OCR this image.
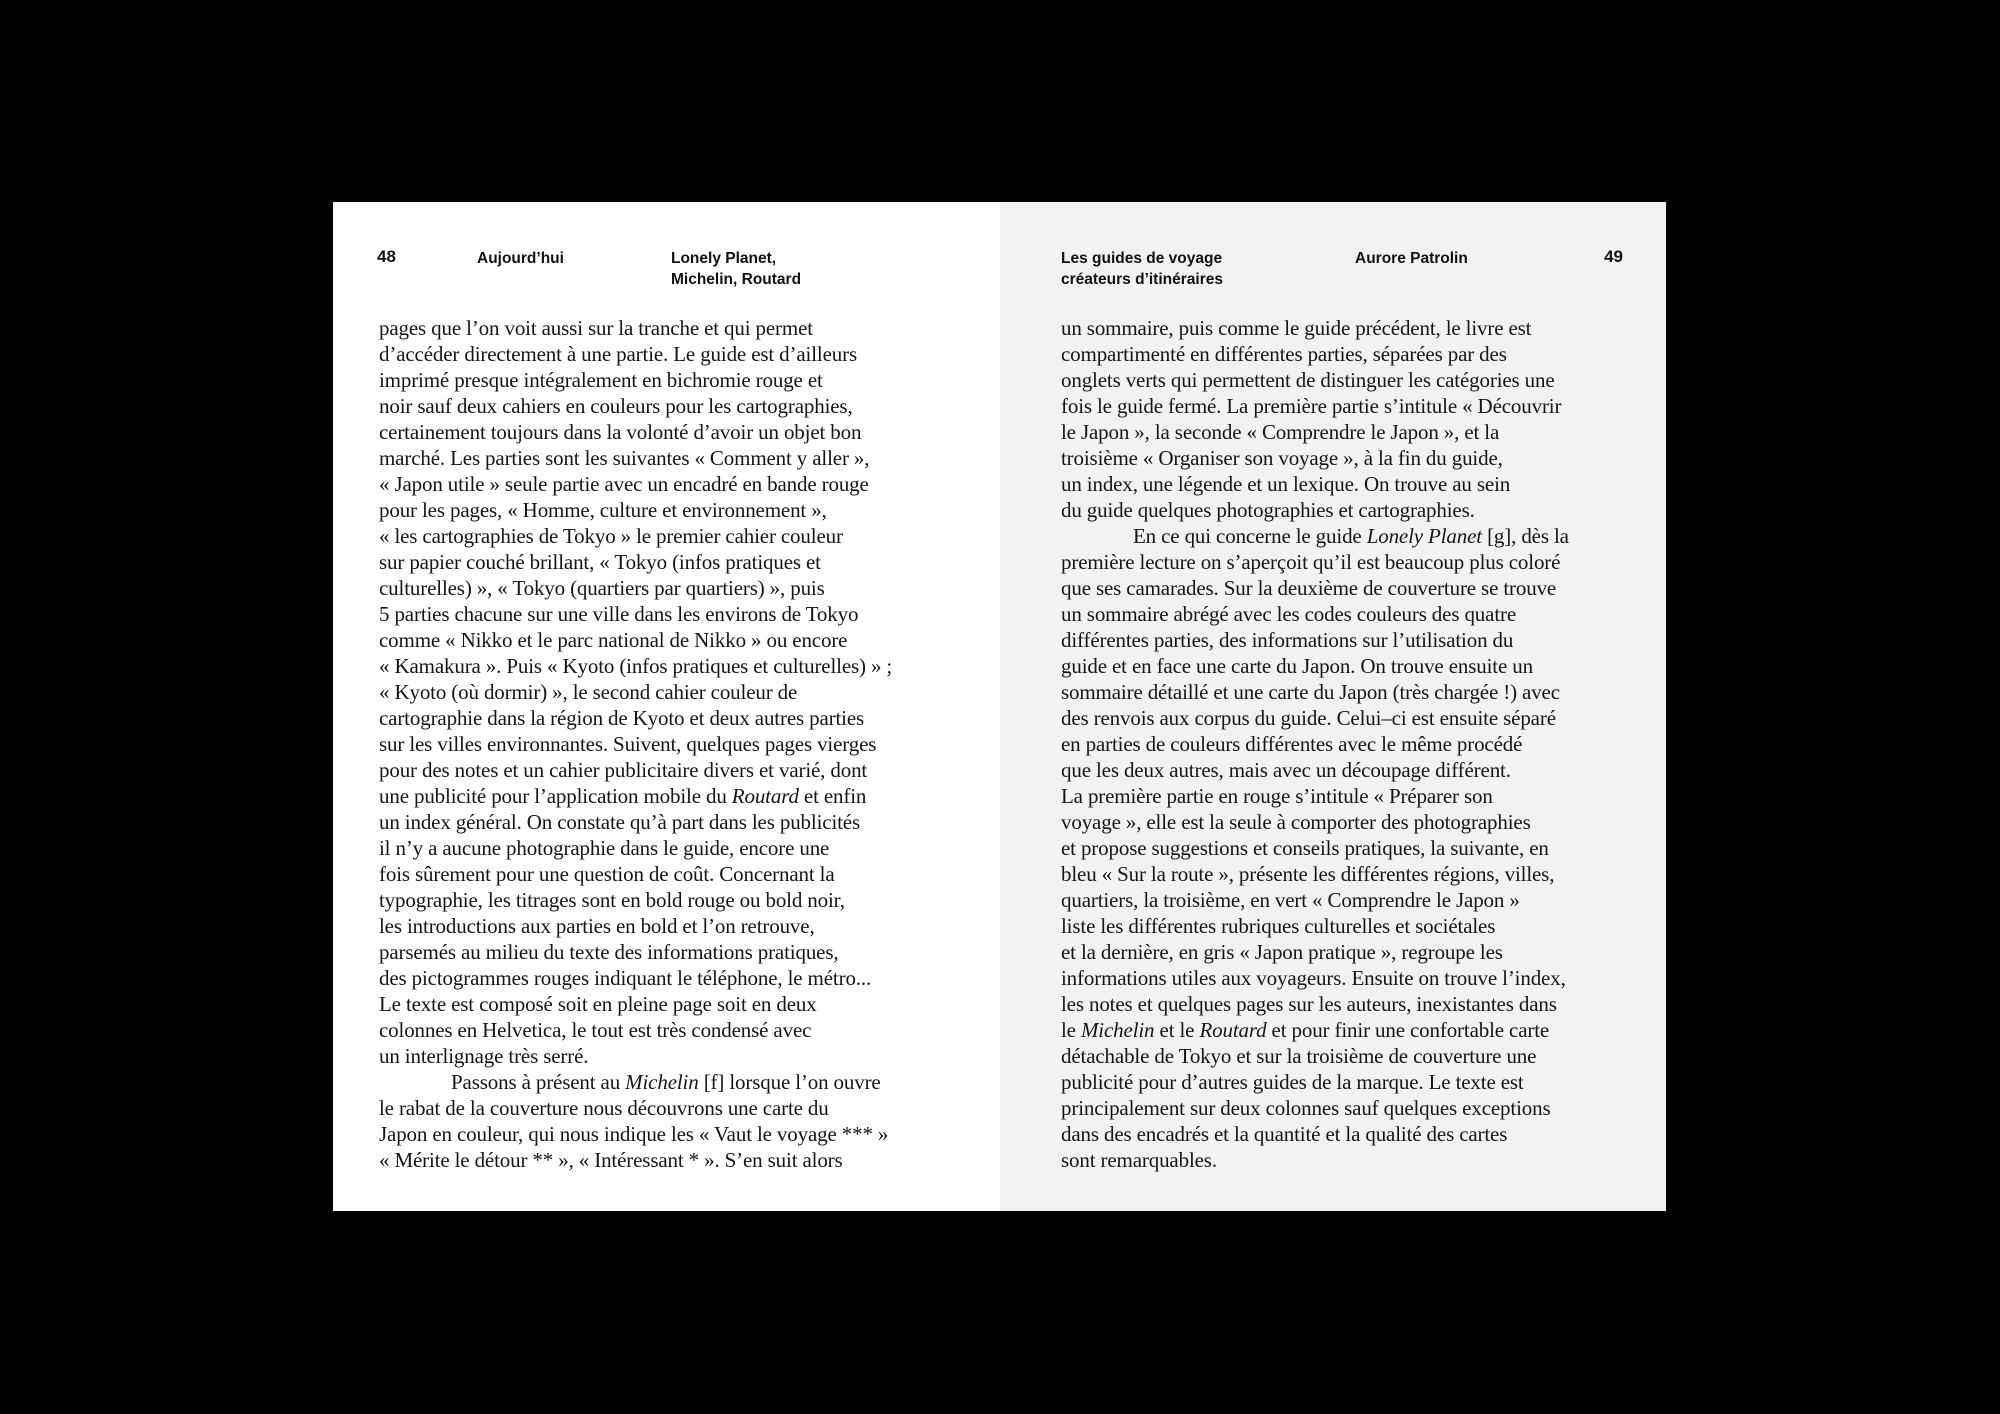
48	Aujourd’hui	Lonely Planet,
Michelin, Routard
pages que l’on voit aussi sur la tranche et qui permet
d’accéder directement à une partie. Le guide est d’ailleurs
imprimé presque intégralement en bichromie rouge et
noir sauf deux cahiers en couleurs pour les cartographies,
certainement toujours dans la volonté d’avoir un objet bon
marché. Les parties sont les suivantes « Comment y aller »,
« Japon utile » seule partie avec un encadré en bande rouge
pour les pages, « Homme, culture et environnement »,
« les cartographies de Tokyo » le premier cahier couleur
sur papier couché brillant, « Tokyo (infos pratiques et
culturelles) », « Tokyo (quartiers par quartiers) », puis
5 parties chacune sur une ville dans les environs de Tokyo
comme « Nikko et le parc national de Nikko » ou encore
« Kamakura ». Puis « Kyoto (infos pratiques et culturelles) » ;
« Kyoto (où dormir) », le second cahier couleur de
cartographie dans la région de Kyoto et deux autres parties
sur les villes environnantes. Suivent, quelques pages vierges
pour des notes et un cahier publicitaire divers et varié, dont
une publicité pour l’application mobile du Routard et enfin
un index général. On constate qu’à part dans les publicités
il n’y a aucune photographie dans le guide, encore une
fois sûrement pour une question de coût. Concernant la
typographie, les titrages sont en bold rouge ou bold noir,
les introductions aux parties en bold et l’on retrouve,
parsemés au milieu du texte des informations pratiques,
des pictogrammes rouges indiquant le téléphone, le métro...
Le texte est composé soit en pleine page soit en deux
colonnes en Helvetica, le tout est très condensé avec
un interlignage très serré.
Passons à présent au Michelin [f] lorsque l’on ouvre
le rabat de la couverture nous découvrons une carte du
Japon en couleur, qui nous indique les « Vaut le voyage *** »
« Mérite le détour ** », « Intéressant * ». S’en suit alors
Les guides de voyage
créateurs d’itinéraires
Aurore Patrolin	49
un sommaire, puis comme le guide précédent, le livre est
compartimenté en différentes parties, séparées par des
onglets verts qui permettent de distinguer les catégories une
fois le guide fermé. La première partie s’intitule « Découvrir
le Japon », la seconde « Comprendre le Japon », et la
troisième « Organiser son voyage », à la fin du guide,
un index, une légende et un lexique. On trouve au sein
du guide quelques photographies et cartographies.
En ce qui concerne le guide Lonely Planet [g], dès la
première lecture on s’aperçoit qu’il est beaucoup plus coloré
que ses camarades. Sur la deuxième de couverture se trouve
un sommaire abrégé avec les codes couleurs des quatre
différentes parties, des informations sur l’utilisation du
guide et en face une carte du Japon. On trouve ensuite un
sommaire détaillé et une carte du Japon (très chargée !) avec
des renvois aux corpus du guide. Celui–ci est ensuite séparé
en parties de couleurs différentes avec le même procédé
que les deux autres, mais avec un découpage différent.
La première partie en rouge s’intitule « Préparer son
voyage », elle est la seule à comporter des photographies
et propose suggestions et conseils pratiques, la suivante, en
bleu « Sur la route », présente les différentes régions, villes,
quartiers, la troisième, en vert « Comprendre le Japon »
liste les différentes rubriques culturelles et sociétales
et la dernière, en gris « Japon pratique », regroupe les
informations utiles aux voyageurs. Ensuite on trouve l’index,
les notes et quelques pages sur les auteurs, inexistantes dans
le Michelin et le Routard et pour finir une confortable carte
détachable de Tokyo et sur la troisième de couverture une
publicité pour d’autres guides de la marque. Le texte est
principalement sur deux colonnes sauf quelques exceptions
dans des encadrés et la quantité et la qualité des cartes
sont remarquables.
